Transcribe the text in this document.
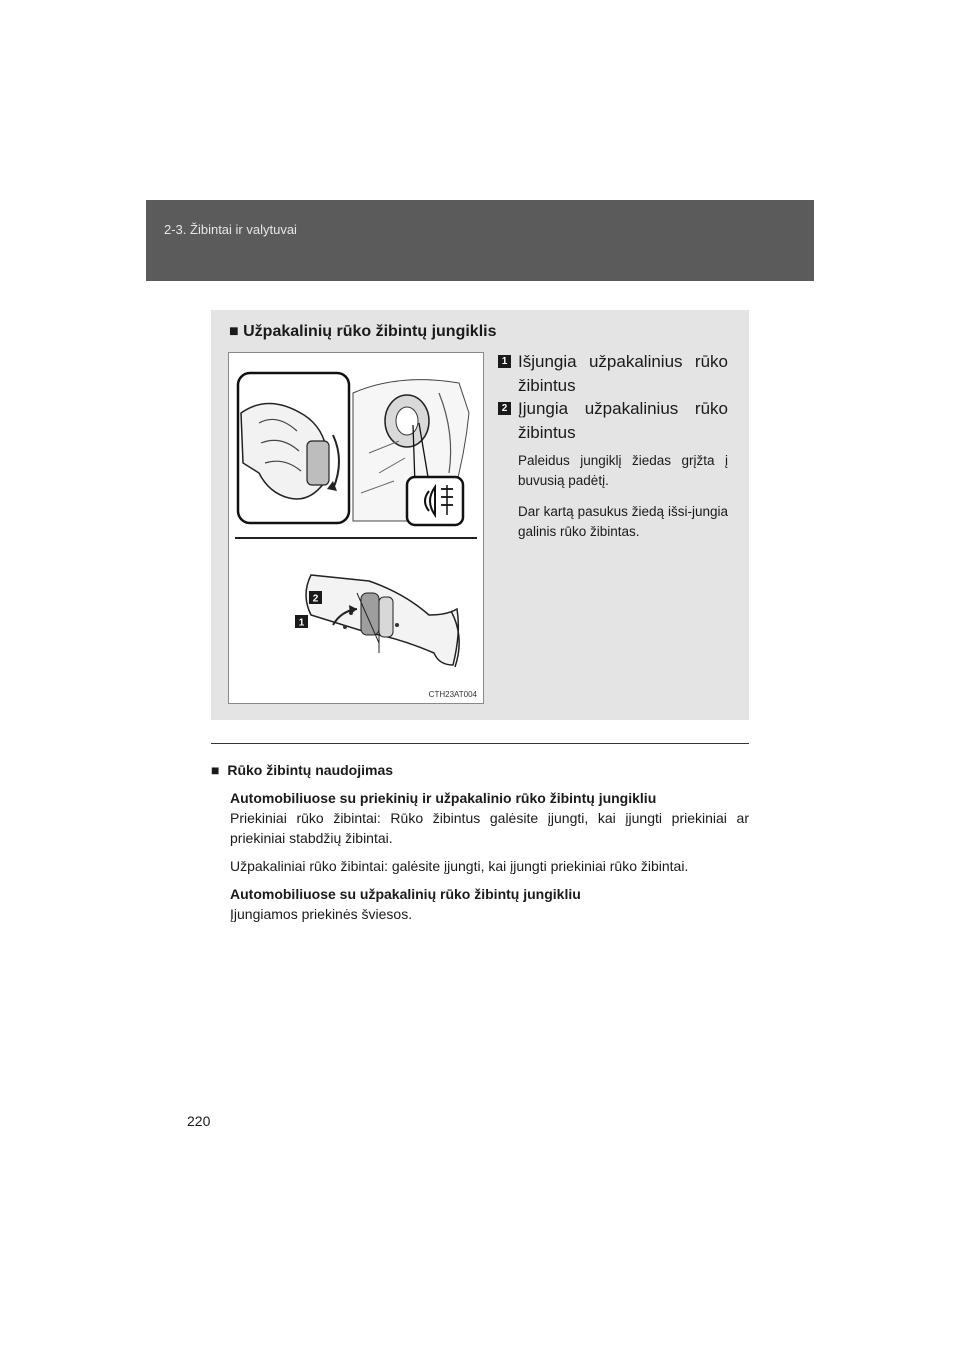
2-3. Žibintai ir valytuvai
■ Užpakalinių rūko žibintų jungiklis
2
1
CTH23AT004
1 Išjungia užpakalinius rūko žibintus
2 Įjungia užpakalinius rūko žibintus
Paleidus jungiklį žiedas grįžta į buvusią padėtį.
Dar kartą pasukus žiedą išsi-jungia galinis rūko žibintas.
■ Rūko žibintų naudojimas
Automobiliuose su priekinių ir užpakalinio rūko žibintų jungikliu

Priekiniai rūko žibintai: Rūko žibintus galėsite įjungti, kai įjungti priekiniai ar priekiniai stabdžių žibintai.

Užpakaliniai rūko žibintai: galėsite įjungti, kai įjungti priekiniai rūko žibintai.

Automobiliuose su užpakalinių rūko žibintų jungikliu

Įjungiamos priekinės šviesos.

220
